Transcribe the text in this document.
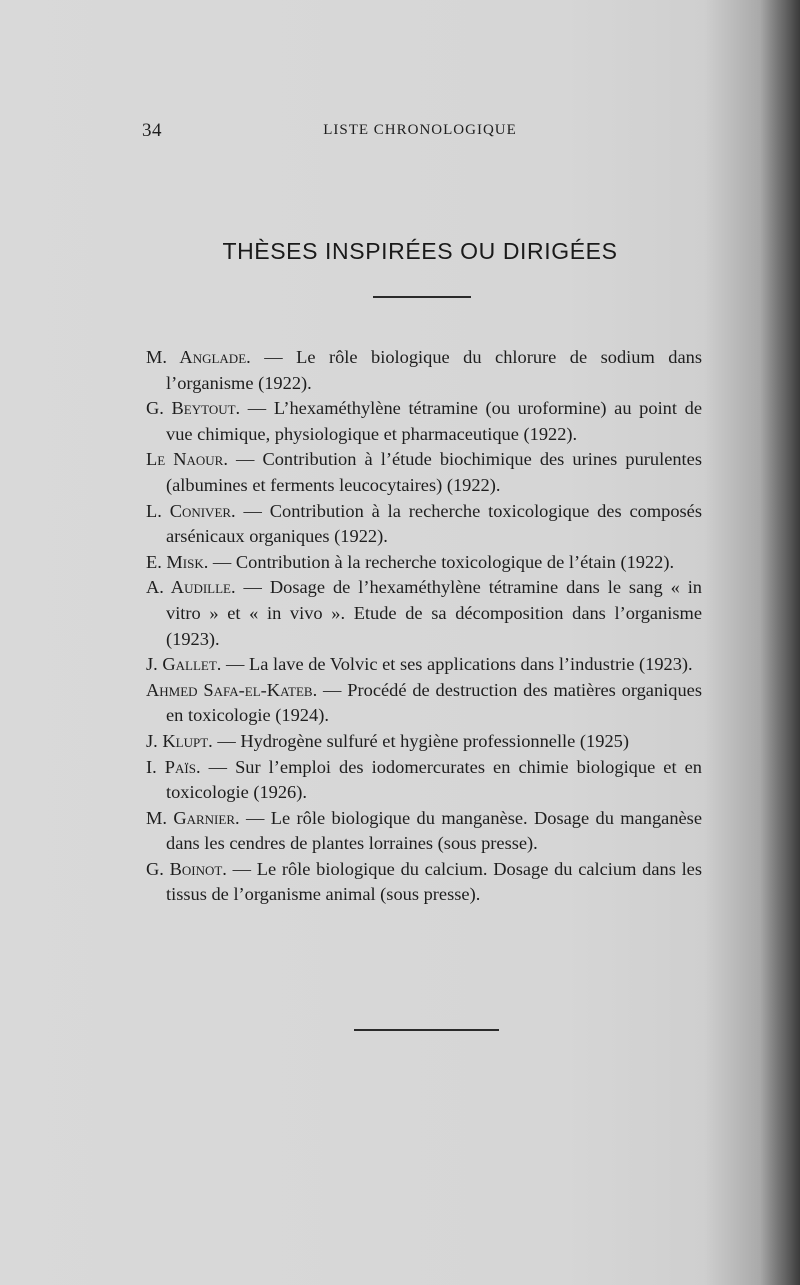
34	LISTE CHRONOLOGIQUE
THÈSES INSPIRÉES OU DIRIGÉES
M. Anglade. — Le rôle biologique du chlorure de sodium dans l’organisme (1922).
G. Beytout. — L’hexaméthylène tétramine (ou uroformine) au point de vue chimique, physiologique et pharmaceutique (1922).
Le Naour. — Contribution à l’étude biochimique des urines purulentes (albumines et ferments leucocytaires) (1922).
L. Coniver. — Contribution à la recherche toxicologique des composés arsénicaux organiques (1922).
E. Misk. — Contribution à la recherche toxicologique de l’étain (1922).
A. Audille. — Dosage de l’hexaméthylène tétramine dans le sang « in vitro » et « in vivo ». Etude de sa décomposition dans l’organisme (1923).
J. Gallet. — La lave de Volvic et ses applications dans l’industrie (1923).
Ahmed Safa-el-Kateb. — Procédé de destruction des matières organiques en toxicologie (1924).
J. Klupt. — Hydrogène sulfuré et hygiène professionnelle (1925)
I. Païs. — Sur l’emploi des iodomercurates en chimie biologique et en toxicologie (1926).
M. Garnier. — Le rôle biologique du manganèse. Dosage du manganèse dans les cendres de plantes lorraines (sous presse).
G. Boinot. — Le rôle biologique du calcium. Dosage du calcium dans les tissus de l’organisme animal (sous presse).
